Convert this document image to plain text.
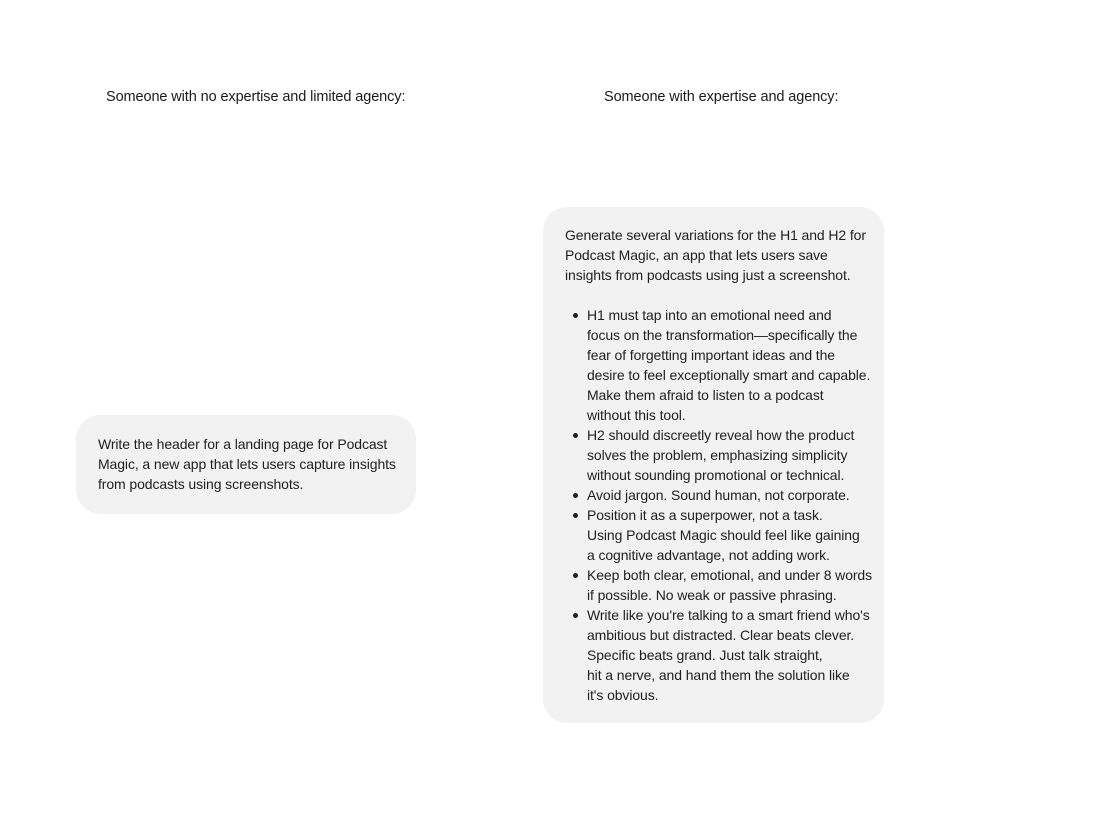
Someone with no expertise and limited agency:	Someone with expertise and agency:

Write the header for a landing page for Podcast
Magic, a new app that lets users capture insights
from podcasts using screenshots.

Generate several variations for the H1 and H2 for
Podcast Magic, an app that lets users save
insights from podcasts using just a screenshot.

H1 must tap into an emotional need and
focus on the transformation—specifically the
fear of forgetting important ideas and the
desire to feel exceptionally smart and capable.
Make them afraid to listen to a podcast
without this tool.
H2 should discreetly reveal how the product
solves the problem, emphasizing simplicity
without sounding promotional or technical.
Avoid jargon. Sound human, not corporate.
Position it as a superpower, not a task.
Using Podcast Magic should feel like gaining
a cognitive advantage, not adding work.
Keep both clear, emotional, and under 8 words
if possible. No weak or passive phrasing.
Write like you're talking to a smart friend who's
ambitious but distracted. Clear beats clever.
Specific beats grand. Just talk straight,
hit a nerve, and hand them the solution like
it's obvious.
